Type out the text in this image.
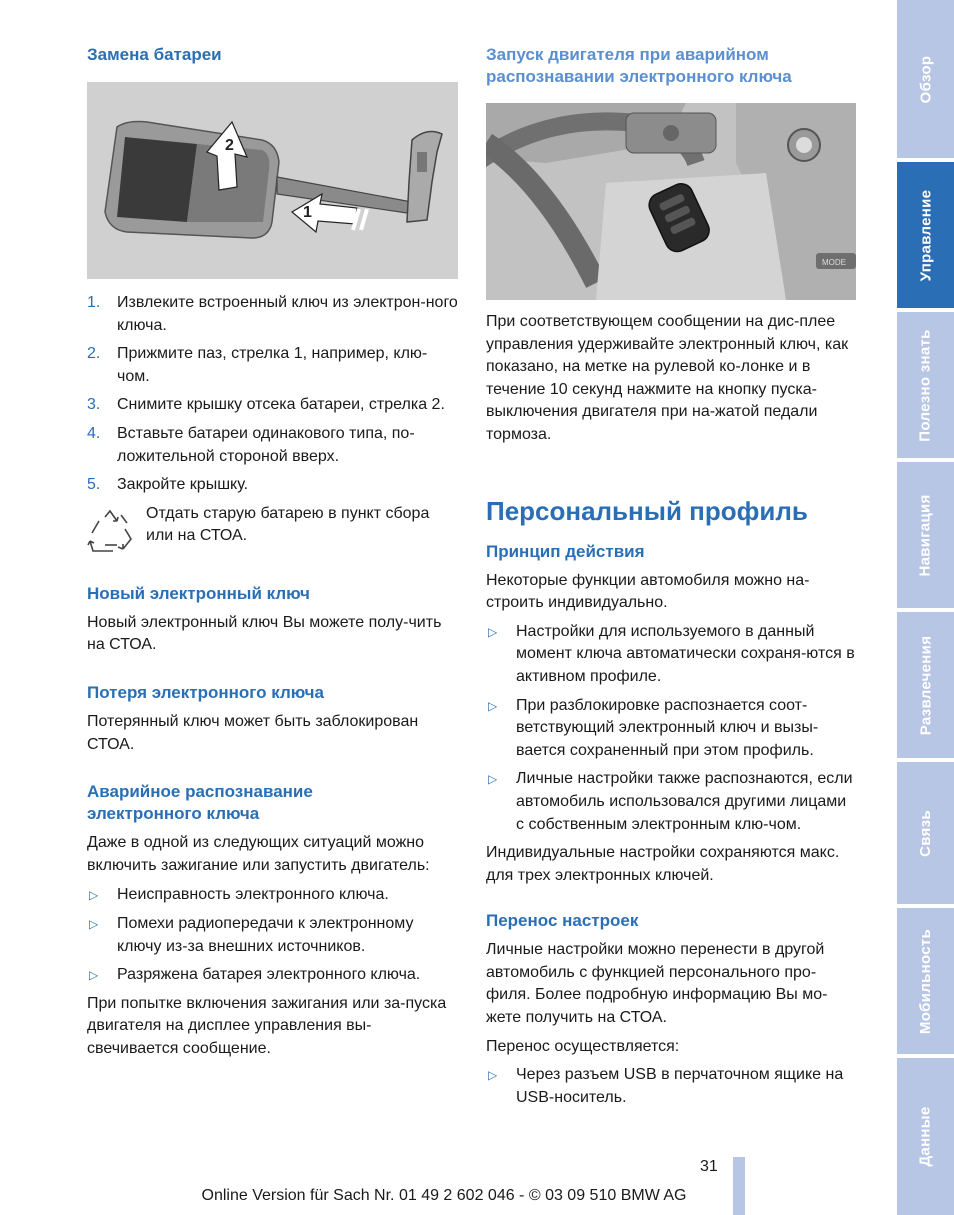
Замена батареи
2
1
1. Извлеките встроенный ключ из электрон-ного ключа.
2. Прижмите паз, стрелка 1, например, клю-чом.
3. Снимите крышку отсека батареи, стрелка 2.
4. Вставьте батареи одинакового типа, по-ложительной стороной вверх.
5. Закройте крышку.

Отдать старую батарею в пункт сбора или на СТОА.

Новый электронный ключ

Новый электронный ключ Вы можете полу-чить на СТОА.

Потеря электронного ключа

Потерянный ключ может быть заблокирован СТОА.

Аварийное распознавание
электронного ключа

Даже в одной из следующих ситуаций можно включить зажигание или запустить двигатель:

▷ Неисправность электронного ключа.
▷ Помехи радиопередачи к электронному ключу из-за внешних источников.
▷ Разряжена батарея электронного ключа.

При попытке включения зажигания или за-пуска двигателя на дисплее управления вы-свечивается сообщение.

Запуск двигателя при аварийном
распознавании электронного ключа
MODE

При соответствующем сообщении на дис-плее управления удерживайте электронный ключ, как показано, на метке на рулевой ко-лонке и в течение 10 секунд нажмите на кнопку пуска-выключения двигателя при на-жатой педали тормоза.

Персональный профиль
Принцип действия

Некоторые функции автомобиля можно на-строить индивидуально.

▷ Настройки для используемого в данный момент ключа автоматически сохраня-ются в активном профиле.
▷ При разблокировке распознается соот-ветствующий электронный ключ и вызы-вается сохраненный при этом профиль.
▷ Личные настройки также распознаются, если автомобиль использовался другими лицами с собственным электронным клю-чом.

Индивидуальные настройки сохраняются макс. для трех электронных ключей.

Перенос настроек

Личные настройки можно перенести в другой автомобиль с функцией персонального про-филя. Более подробную информацию Вы мо-жете получить на СТОА.

Перенос осуществляется:

▷ Через разъем USB в перчаточном ящике на USB-носитель.
Обзор
Управление
Полезно знать
Навигация
Развлечения
Связь
Мобильность
Данные
31
Online Version für Sach Nr. 01 49 2 602 046 - © 03 09 510 BMW AG
